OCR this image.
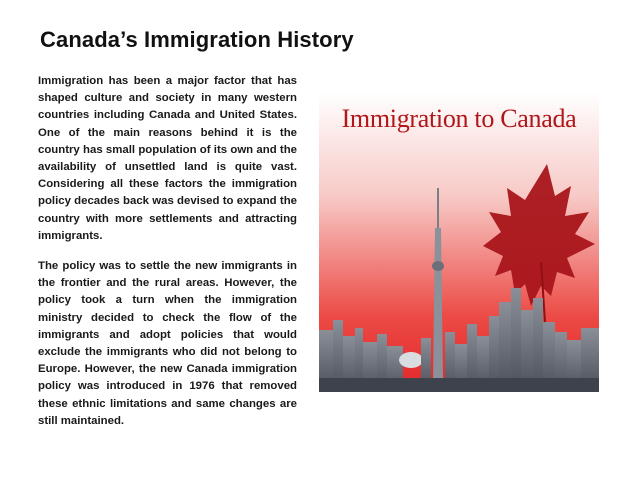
Canada’s Immigration History

Immigration has been a major factor that has shaped culture and society in many western countries including Canada and United States. One of the main reasons behind it is the country has small population of its own and the availability of unsettled land is quite vast. Considering all these factors the immigration policy decades back was devised to expand the country with more settlements and attracting immigrants.

The policy was to settle the new immigrants in the frontier and the rural areas. However, the policy took a turn when the immigration ministry decided to check the flow of the immigrants and adopt policies that would exclude the immigrants who did not belong to Europe. However, the new Canada immigration policy was introduced in 1976 that removed these ethnic limitations and same changes are still maintained.

Immigration to Canada
